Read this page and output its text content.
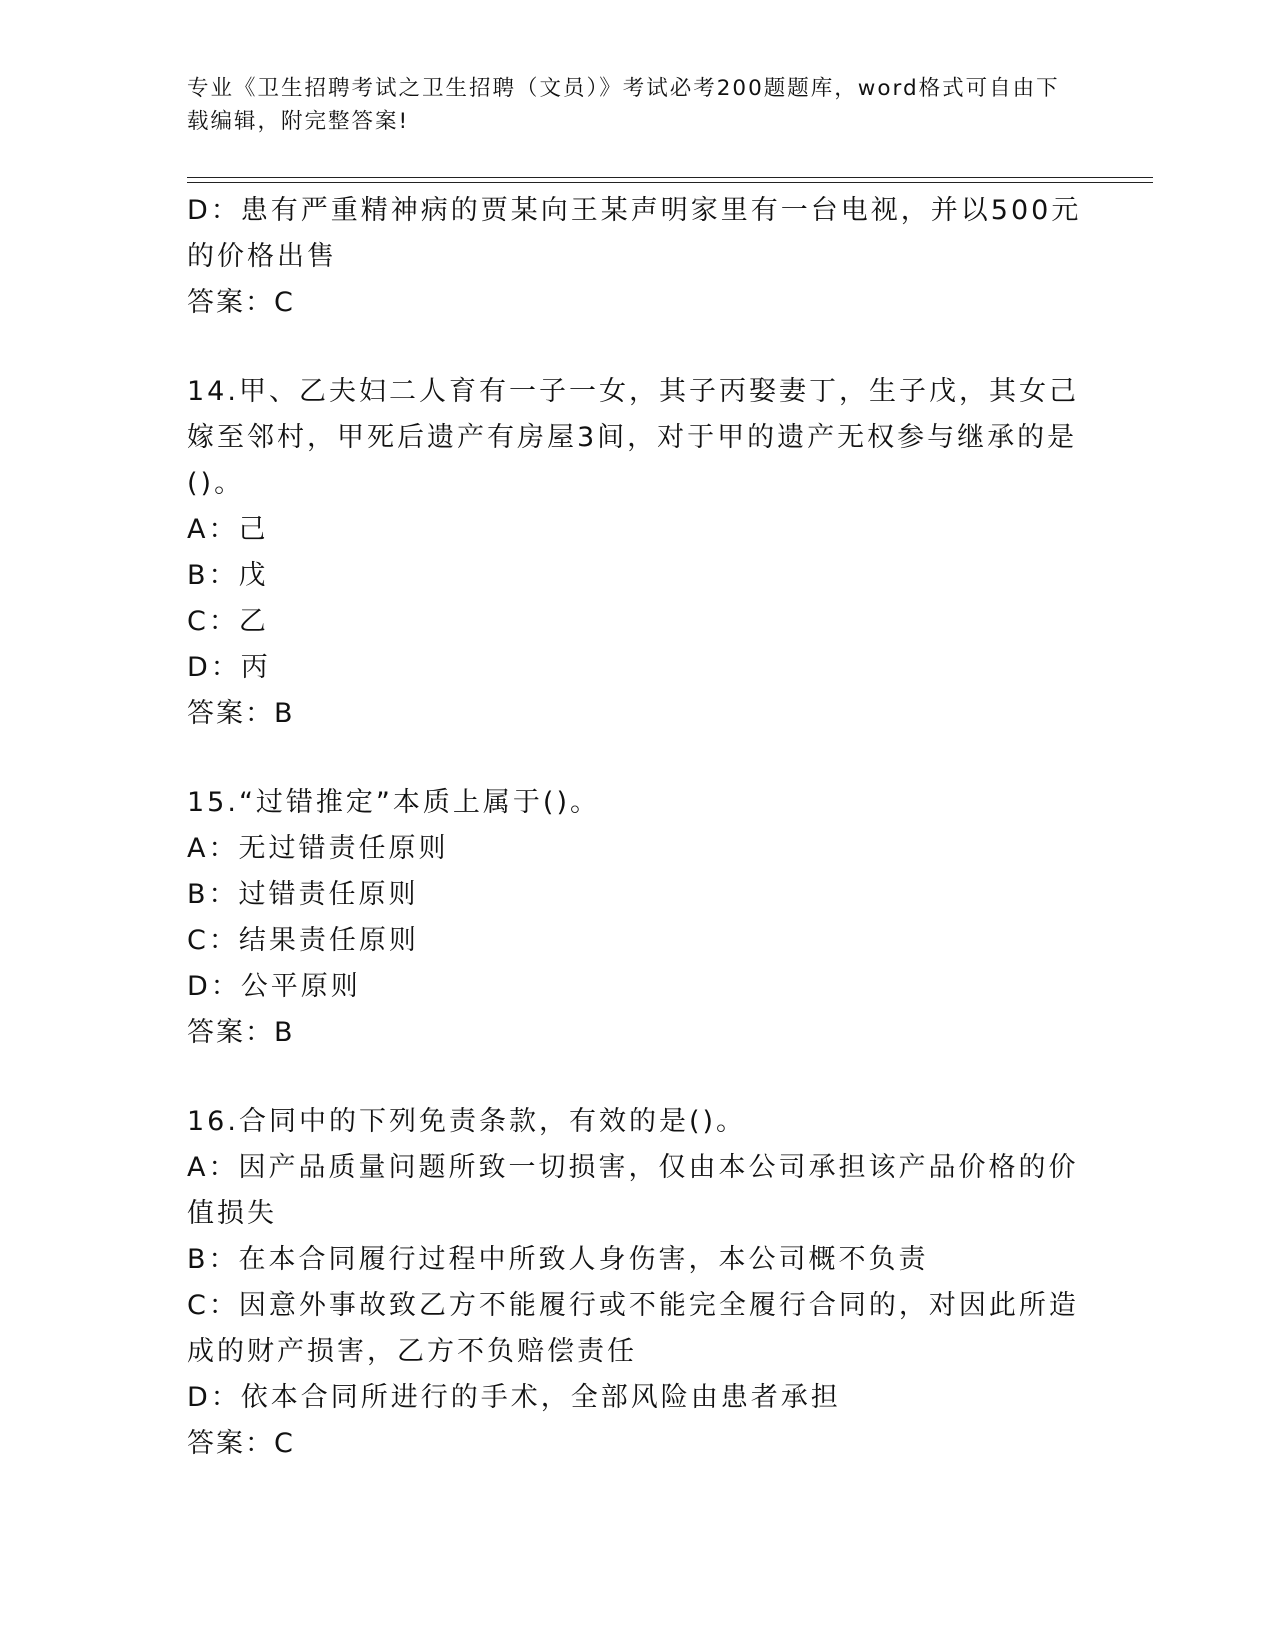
专业《卫生招聘考试之卫生招聘（文员）》考试必考200题题库，word格式可自由下载编辑，附完整答案!
D：患有严重精神病的贾某向王某声明家里有一台电视，并以500元的价格出售
答案：C
14.甲、乙夫妇二人育有一子一女，其子丙娶妻丁，生子戊，其女己嫁至邻村，甲死后遗产有房屋3间，对于甲的遗产无权参与继承的是()。
A：己
B：戊
C：乙
D：丙
答案：B
15.“过错推定”本质上属于()。
A：无过错责任原则
B：过错责任原则
C：结果责任原则
D：公平原则
答案：B
16.合同中的下列免责条款，有效的是()。
A：因产品质量问题所致一切损害，仅由本公司承担该产品价格的价值损失
B：在本合同履行过程中所致人身伤害，本公司概不负责
C：因意外事故致乙方不能履行或不能完全履行合同的，对因此所造成的财产损害，乙方不负赔偿责任
D：依本合同所进行的手术，全部风险由患者承担
答案：C
